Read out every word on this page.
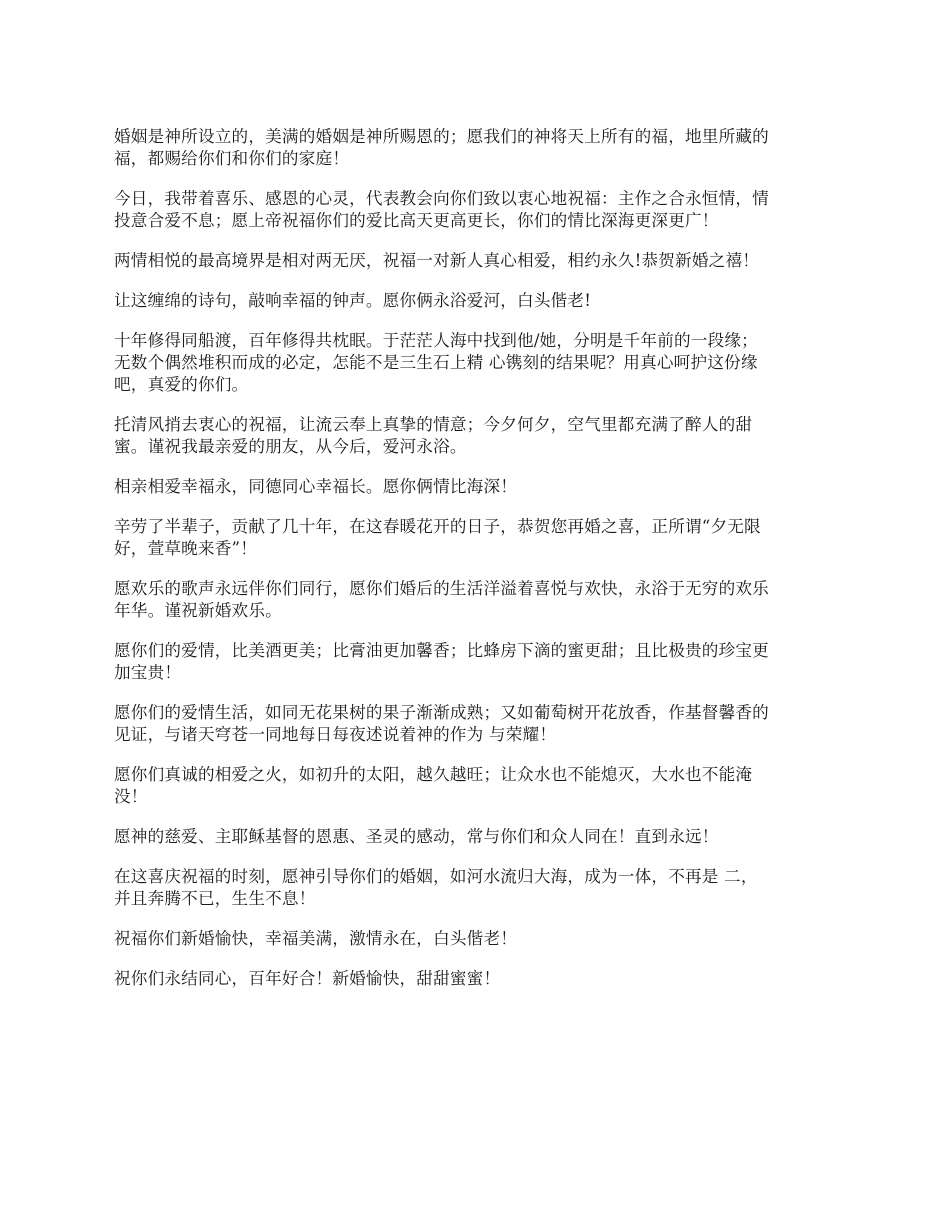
婚姻是神所设立的，美满的婚姻是神所赐恩的；愿我们的神将天上所有的福，地里所藏的
福，都赐给你们和你们的家庭！

今日，我带着喜乐、感恩的心灵，代表教会向你们致以衷心地祝福：主作之合永恒情，情
投意合爱不息；愿上帝祝福你们的爱比高天更高更长，你们的情比深海更深更广！

两情相悦的最高境界是相对两无厌，祝福一对新人真心相爱，相约永久!恭贺新婚之禧！

让这缠绵的诗句，敲响幸福的钟声。愿你俩永浴爱河，白头偕老!

十年修得同船渡，百年修得共枕眠。于茫茫人海中找到他/她，分明是千年前的一段缘；
无数个偶然堆积而成的必定，怎能不是三生石上精 心镌刻的结果呢？用真心呵护这份缘
吧，真爱的你们。

托清风捎去衷心的祝福，让流云奉上真挚的情意；今夕何夕，空气里都充满了醉人的甜
蜜。谨祝我最亲爱的朋友，从今后，爱河永浴。

相亲相爱幸福永，同德同心幸福长。愿你俩情比海深！

辛劳了半辈子，贡献了几十年，在这春暖花开的日子，恭贺您再婚之喜，正所谓“夕无限
好，萱草晚来香”！

愿欢乐的歌声永远伴你们同行，愿你们婚后的生活洋溢着喜悦与欢快，永浴于无穷的欢乐
年华。谨祝新婚欢乐。

愿你们的爱情，比美酒更美；比膏油更加馨香；比蜂房下滴的蜜更甜；且比极贵的珍宝更
加宝贵！

愿你们的爱情生活，如同无花果树的果子渐渐成熟；又如葡萄树开花放香，作基督馨香的
见证，与诸天穹苍一同地每日每夜述说着神的作为 与荣耀！

愿你们真诚的相爱之火，如初升的太阳，越久越旺；让众水也不能熄灭，大水也不能淹
没！

愿神的慈爱、主耶稣基督的恩惠、圣灵的感动，常与你们和众人同在！直到永远！

在这喜庆祝福的时刻，愿神引导你们的婚姻，如河水流归大海，成为一体，不再是 二，
并且奔腾不已，生生不息！

祝福你们新婚愉快，幸福美满，激情永在，白头偕老！

祝你们永结同心，百年好合！新婚愉快，甜甜蜜蜜！
